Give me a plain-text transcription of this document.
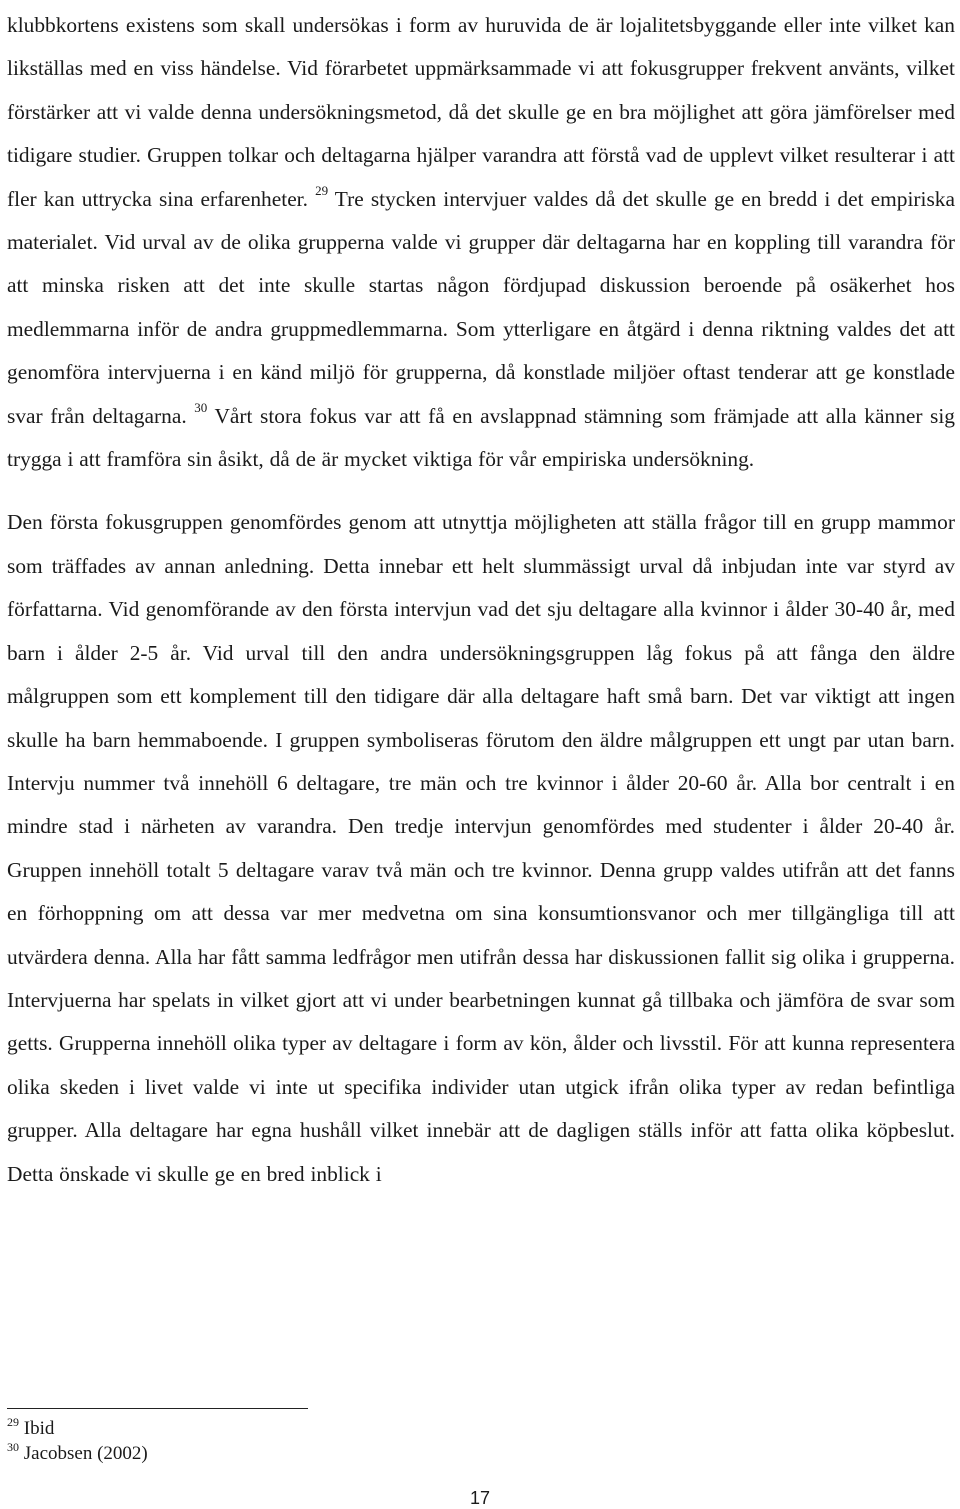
klubbkortens existens som skall undersökas i form av huruvida de är lojalitetsbyggande eller inte vilket kan likställas med en viss händelse. Vid förarbetet uppmärksammade vi att fokusgrupper frekvent använts, vilket förstärker att vi valde denna undersökningsmetod, då det skulle ge en bra möjlighet att göra jämförelser med tidigare studier. Gruppen tolkar och deltagarna hjälper varandra att förstå vad de upplevt vilket resulterar i att fler kan uttrycka sina erfarenheter. $^{29}$ Tre stycken intervjuer valdes då det skulle ge en bredd i det empiriska materialet. Vid urval av de olika grupperna valde vi grupper där deltagarna har en koppling till varandra för att minska risken att det inte skulle startas någon fördjupad diskussion beroende på osäkerhet hos medlemmarna inför de andra gruppmedlemmarna. Som ytterligare en åtgärd i denna riktning valdes det att genomföra intervjuerna i en känd miljö för grupperna, då konstlade miljöer oftast tenderar att ge konstlade svar från deltagarna. $^{30}$ Vårt stora fokus var att få en avslappnad stämning som främjade att alla känner sig trygga i att framföra sin åsikt, då de är mycket viktiga för vår empiriska undersökning.

Den första fokusgruppen genomfördes genom att utnyttja möjligheten att ställa frågor till en grupp mammor som träffades av annan anledning. Detta innebar ett helt slummässigt urval då inbjudan inte var styrd av författarna. Vid genomförande av den första intervjun vad det sju deltagare alla kvinnor i ålder 30-40 år, med barn i ålder 2-5 år. Vid urval till den andra undersökningsgruppen låg fokus på att fånga den äldre målgruppen som ett komplement till den tidigare där alla deltagare haft små barn. Det var viktigt att ingen skulle ha barn hemmaboende. I gruppen symboliseras förutom den äldre målgruppen ett ungt par utan barn. Intervju nummer två innehöll 6 deltagare, tre män och tre kvinnor i ålder 20-60 år. Alla bor centralt i en mindre stad i närheten av varandra. Den tredje intervjun genomfördes med studenter i ålder 20-40 år. Gruppen innehöll totalt 5 deltagare varav två män och tre kvinnor. Denna grupp valdes utifrån att det fanns en förhoppning om att dessa var mer medvetna om sina konsumtionsvanor och mer tillgängliga till att utvärdera denna. Alla har fått samma ledfrågor men utifrån dessa har diskussionen fallit sig olika i grupperna. Intervjuerna har spelats in vilket gjort att vi under bearbetningen kunnat gå tillbaka och jämföra de svar som getts. Grupperna innehöll olika typer av deltagare i form av kön, ålder och livsstil. För att kunna representera olika skeden i livet valde vi inte ut specifika individer utan utgick ifrån olika typer av redan befintliga grupper. Alla deltagare har egna hushåll vilket innebär att de dagligen ställs inför att fatta olika köpbeslut. Detta önskade vi skulle ge en bred inblick i

$^{29}$ Ibid
$^{30}$ Jacobsen (2002)
17
